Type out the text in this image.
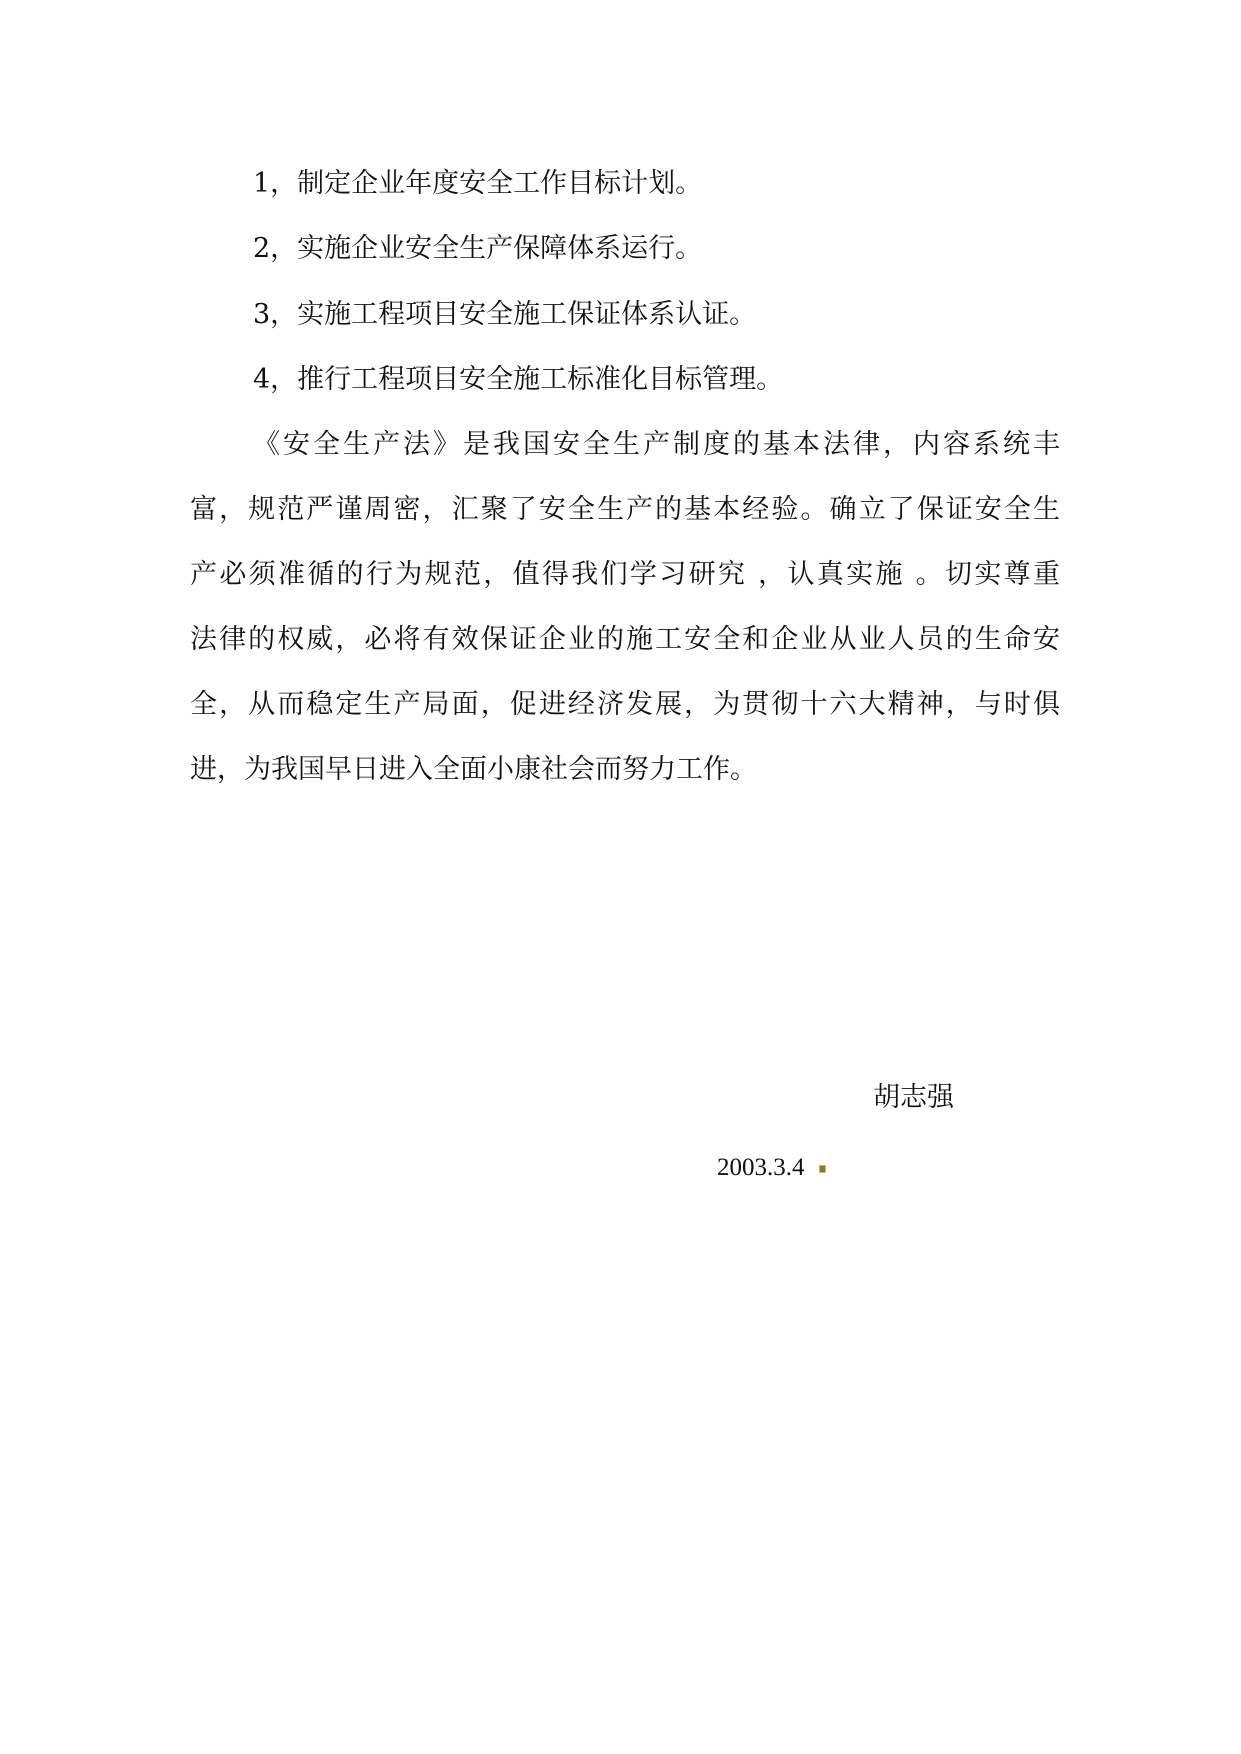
1，制定企业年度安全工作目标计划。
2，实施企业安全生产保障体系运行。
3，实施工程项目安全施工保证体系认证。
4，推行工程项目安全施工标准化目标管理。
《安全生产法》是我国安全生产制度的基本法律，内容系统丰
富，规范严谨周密，汇聚了安全生产的基本经验。确立了保证安全生
产必须准循的行为规范，值得我们学习研究 ，认真实施 。切实尊重
法律的权威，必将有效保证企业的施工安全和企业从业人员的生命安
全，从而稳定生产局面，促进经济发展，为贯彻十六大精神，与时俱
进，为我国早日进入全面小康社会而努力工作。
胡志强
2003.3.4
